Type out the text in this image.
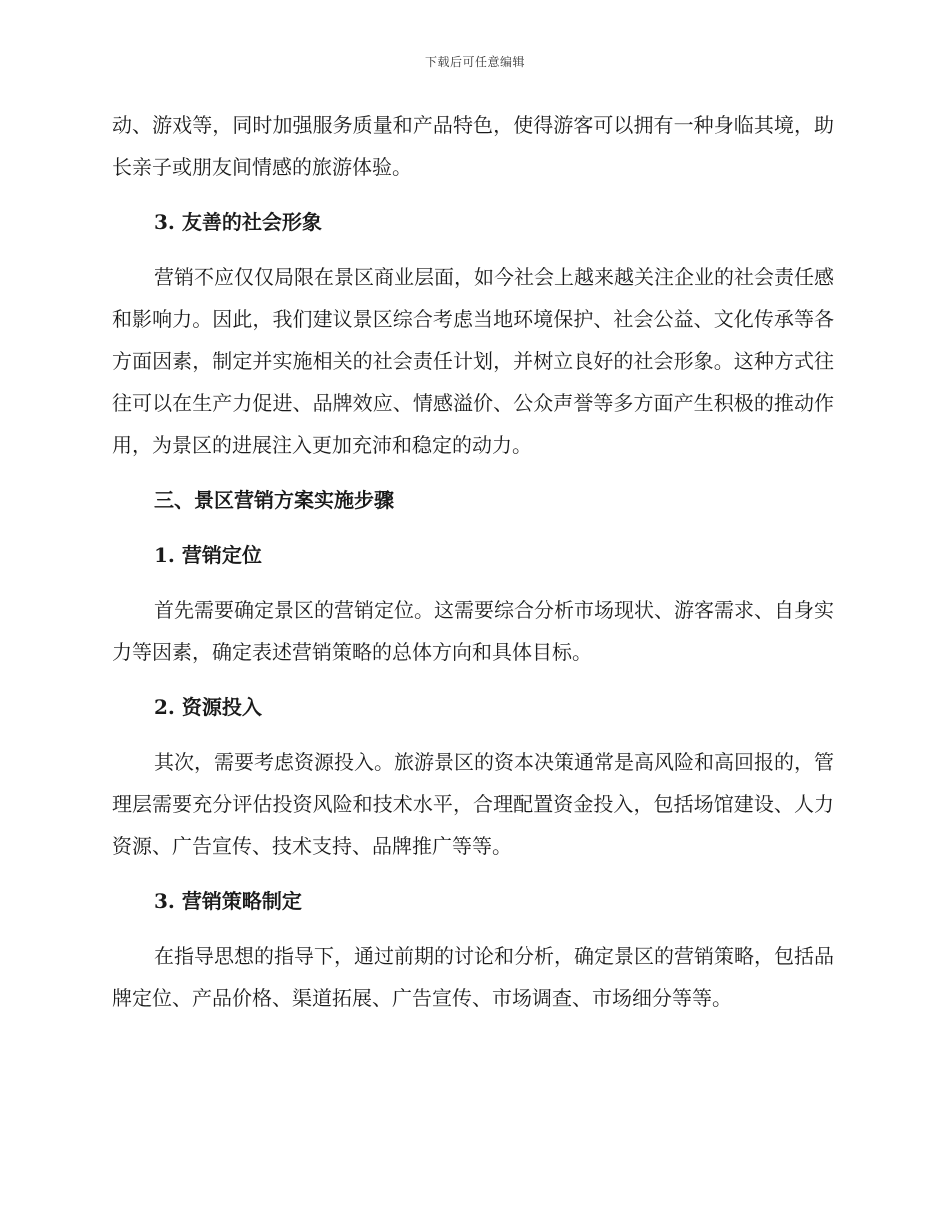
下载后可任意编辑

动、游戏等，同时加强服务质量和产品特色，使得游客可以拥有一种身临其境，助长亲子或朋友间情感的旅游体验。

3. 友善的社会形象

营销不应仅仅局限在景区商业层面，如今社会上越来越关注企业的社会责任感和影响力。因此，我们建议景区综合考虑当地环境保护、社会公益、文化传承等各方面因素，制定并实施相关的社会责任计划，并树立良好的社会形象。这种方式往往可以在生产力促进、品牌效应、情感溢价、公众声誉等多方面产生积极的推动作用，为景区的进展注入更加充沛和稳定的动力。

三、景区营销方案实施步骤

1. 营销定位

首先需要确定景区的营销定位。这需要综合分析市场现状、游客需求、自身实力等因素，确定表述营销策略的总体方向和具体目标。

2. 资源投入

其次，需要考虑资源投入。旅游景区的资本决策通常是高风险和高回报的，管理层需要充分评估投资风险和技术水平，合理配置资金投入，包括场馆建设、人力资源、广告宣传、技术支持、品牌推广等等。

3. 营销策略制定

在指导思想的指导下，通过前期的讨论和分析，确定景区的营销策略，包括品牌定位、产品价格、渠道拓展、广告宣传、市场调查、市场细分等等。
